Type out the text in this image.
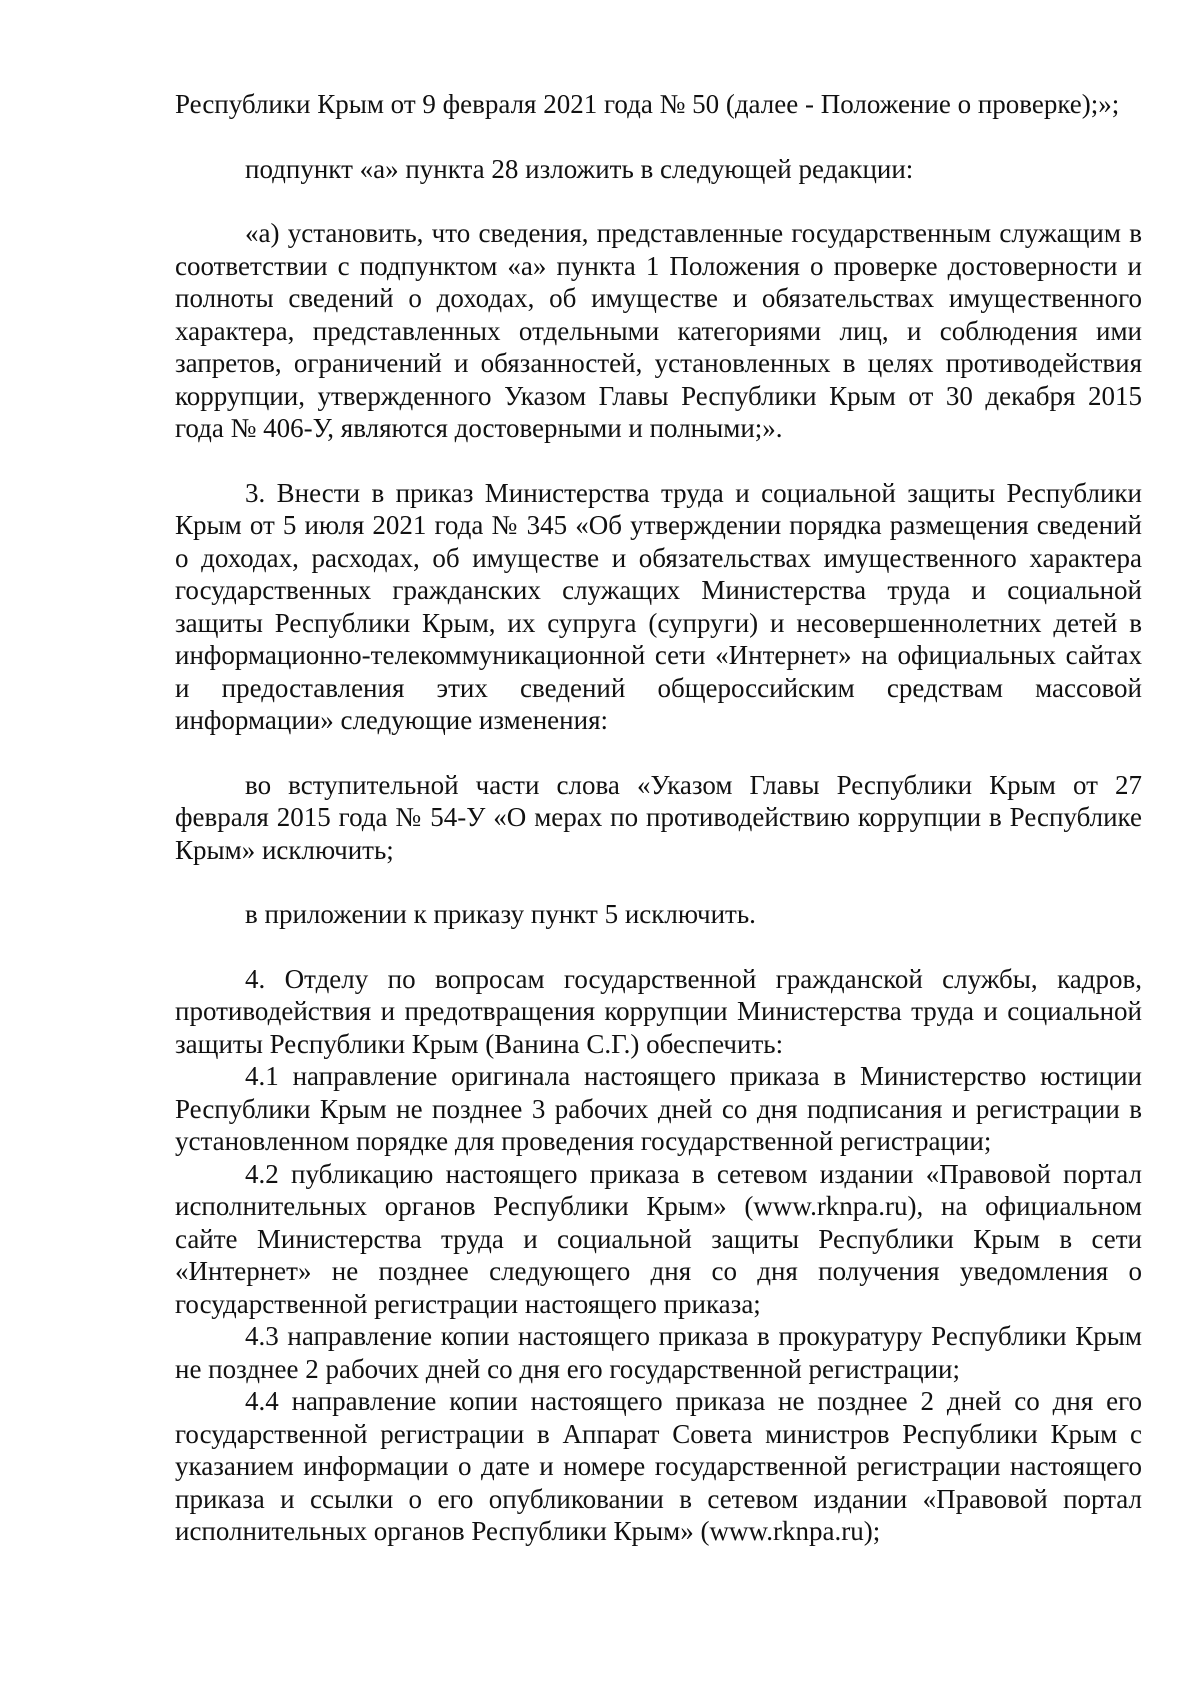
Республики Крым от 9 февраля 2021 года № 50 (далее - Положение о проверке);»;

подпункт «а» пункта 28 изложить в следующей редакции:

«а) установить, что сведения, представленные государственным служащим в соответствии с подпунктом «а» пункта 1 Положения о проверке достоверности и полноты сведений о доходах, об имуществе и обязательствах имущественного характера, представленных отдельными категориями лиц, и соблюдения ими запретов, ограничений и обязанностей, установленных в целях противодействия коррупции, утвержденного Указом Главы Республики Крым от 30 декабря 2015 года № 406-У, являются достоверными и полными;».

3. Внести в приказ Министерства труда и социальной защиты Республики Крым от 5 июля 2021 года № 345 «Об утверждении порядка размещения сведений о доходах, расходах, об имуществе и обязательствах имущественного характера государственных гражданских служащих Министерства труда и социальной защиты Республики Крым, их супруга (супруги) и несовершеннолетних детей в информационно-телекоммуникационной сети «Интернет» на официальных сайтах и предоставления этих сведений общероссийским средствам массовой информации» следующие изменения:

во вступительной части слова «Указом Главы Республики Крым от 27 февраля 2015 года № 54-У «О мерах по противодействию коррупции в Республике Крым» исключить;

в приложении к приказу пункт 5 исключить.

4. Отделу по вопросам государственной гражданской службы, кадров, противодействия и предотвращения коррупции Министерства труда и социальной защиты Республики Крым (Ванина С.Г.) обеспечить:

4.1 направление оригинала настоящего приказа в Министерство юстиции Республики Крым не позднее 3 рабочих дней со дня подписания и регистрации в установленном порядке для проведения государственной регистрации;

4.2 публикацию настоящего приказа в сетевом издании «Правовой портал исполнительных органов Республики Крым» (www.rknpa.ru), на официальном сайте Министерства труда и социальной защиты Республики Крым в сети «Интернет» не позднее следующего дня со дня получения уведомления о государственной регистрации настоящего приказа;

4.3 направление копии настоящего приказа в прокуратуру Республики Крым не позднее 2 рабочих дней со дня его государственной регистрации;

4.4 направление копии настоящего приказа не позднее 2 дней со дня его государственной регистрации в Аппарат Совета министров Республики Крым с указанием информации о дате и номере государственной регистрации настоящего приказа и ссылки о его опубликовании в сетевом издании «Правовой портал исполнительных органов Республики Крым» (www.rknpa.ru);
